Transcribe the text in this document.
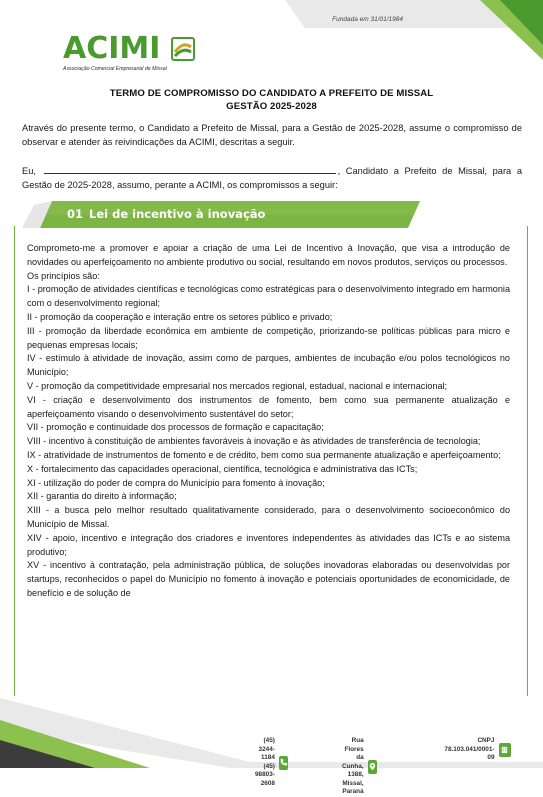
Fundada em 31/01/1984
ACIMI
Associação Comercial Empresarial de Missal
TERMO DE COMPROMISSO DO CANDIDATO A PREFEITO DE MISSAL
GESTÃO 2025-2028
Através do presente termo, o Candidato a Prefeito de Missal, para a Gestão de 2025-2028, assume o compromisso de observar e atender às reivindicações da ACIMI, descritas a seguir.
Eu,	, Candidato a Prefeito de Missal, para a Gestão de 2025-2028, assumo, perante a ACIMI, os compromissos a seguir:
01 Lei de incentivo à inovação

Comprometo-me a promover e apoiar a criação de uma Lei de Incentivo à Inovação, que visa a introdução de novidades ou aperfeiçoamento no ambiente produtivo ou social, resultando em novos produtos, serviços ou processos.

Os princípios são:

I - promoção de atividades científicas e tecnológicas como estratégicas para o desenvolvimento integrado em harmonia com o desenvolvimento regional;

II - promoção da cooperação e interação entre os setores público e privado;

III - promoção da liberdade econômica em ambiente de competição, priorizando-se políticas públicas para micro e pequenas empresas locais;

IV - estímulo à atividade de inovação, assim como de parques, ambientes de incubação e/ou polos tecnológicos no Município;

V - promoção da competitividade empresarial nos mercados regional, estadual, nacional e internacional;

VI - criação e desenvolvimento dos instrumentos de fomento, bem como sua permanente atualização e aperfeiçoamento visando o desenvolvimento sustentável do setor;

VII - promoção e continuidade dos processos de formação e capacitação;

VIII - incentivo à constituição de ambientes favoráveis à inovação e às atividades de transferência de tecnologia;

IX - atratividade de instrumentos de fomento e de crédito, bem como sua permanente atualização e aperfeiçoamento;

X - fortalecimento das capacidades operacional, científica, tecnológica e administrativa das ICTs;

XI - utilização do poder de compra do Município para fomento à inovação;

XII - garantia do direito à informação;

XIII - a busca pelo melhor resultado qualitativamente considerado, para o desenvolvimento socioeconômico do Município de Missal.

XIV - apoio, incentivo e integração dos criadores e inventores independentes às atividades das ICTs e ao sistema produtivo;

XV - incentivo à contratação, pela administração pública, de soluções inovadoras elaboradas ou desenvolvidas por startups, reconhecidos o papel do Município no fomento à inovação e potenciais oportunidades de economicidade, de benefício e de solução de

(45) 3244-1184
(45) 98803-2608
Rua Flores da Cunha,
1388, Missal, Paraná
CNPJ
78.103.041/0001-09
